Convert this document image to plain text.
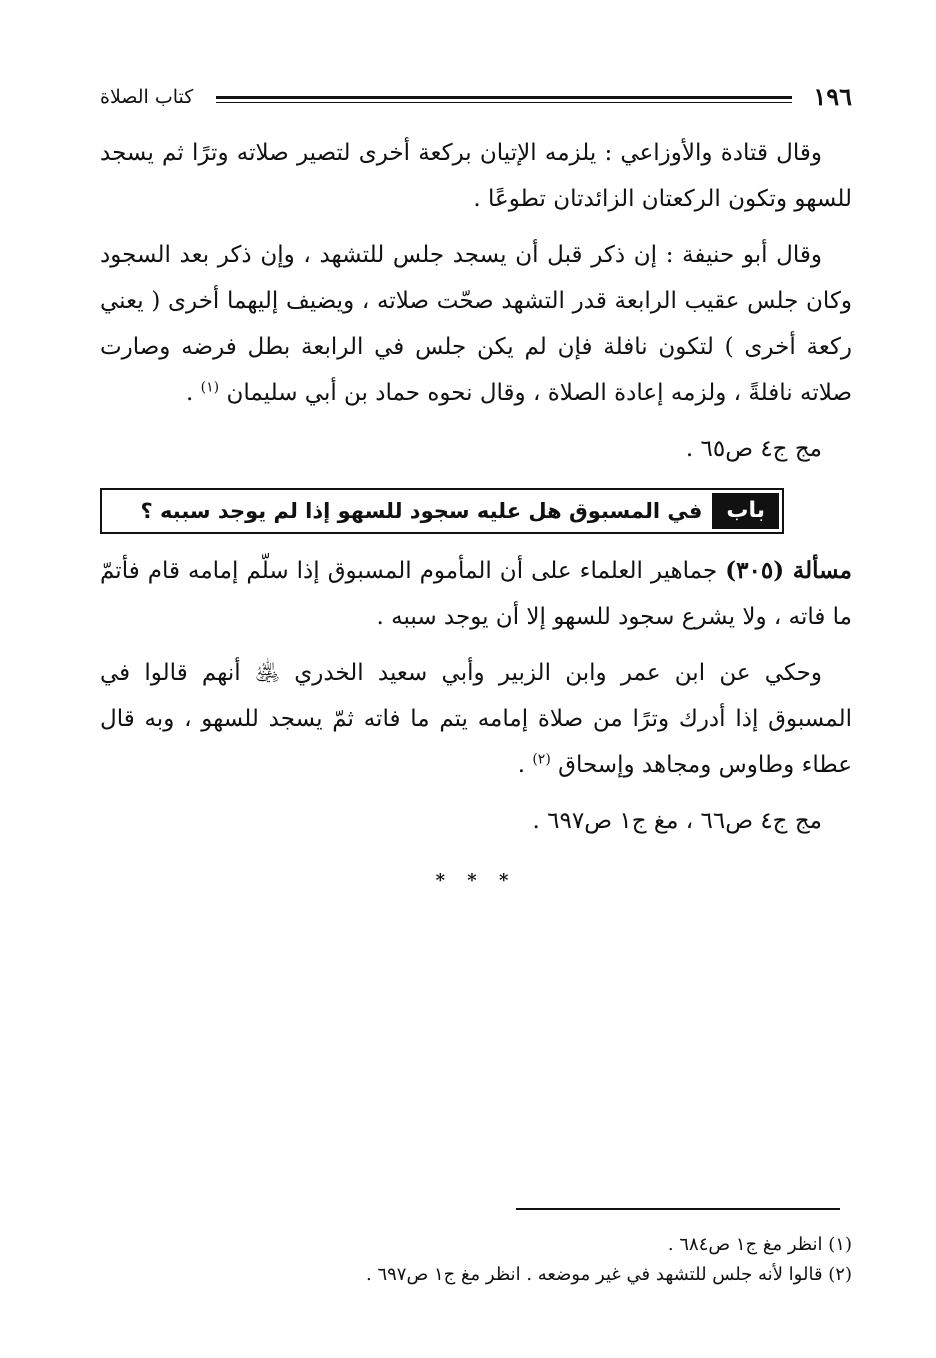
١٩٦
كتاب الصلاة

وقال قتادة والأوزاعي : يلزمه الإتيان بركعة أخرى لتصير صلاته وترًا ثم يسجد للسهو وتكون الركعتان الزائدتان تطوعًا .

وقال أبو حنيفة : إن ذكر قبل أن يسجد جلس للتشهد ، وإن ذكر بعد السجود وكان جلس عقيب الرابعة قدر التشهد صحّت صلاته ، ويضيف إليهما أخرى ( يعني ركعة أخرى ) لتكون نافلة فإن لم يكن جلس في الرابعة بطل فرضه وصارت صلاته نافلةً ، ولزمه إعادة الصلاة ، وقال نحوه حماد بن أبي سليمان $^{(١)}$ .

مج ج٤ ص٦٥ .

باب
في المسبوق هل عليه سجود للسهو إذا لم يوجد سببه ؟

مسألة (٣٠٥) جماهير العلماء على أن المأموم المسبوق إذا سلّم إمامه قام فأتمّ ما فاته ، ولا يشرع سجود للسهو إلا أن يوجد سببه .

وحكي عن ابن عمر وابن الزبير وأبي سعيد الخدري ﵁ أنهم قالوا في المسبوق إذا أدرك وترًا من صلاة إمامه يتم ما فاته ثمّ يسجد للسهو ، وبه قال عطاء وطاوس ومجاهد وإسحاق $^{(٢)}$ .

مج ج٤ ص٦٦ ، مغ ج١ ص٦٩٧ .

* * *

(١) انظر مغ ج١ ص٦٨٤ .

(٢) قالوا لأنه جلس للتشهد في غير موضعه . انظر مغ ج١ ص٦٩٧ .
